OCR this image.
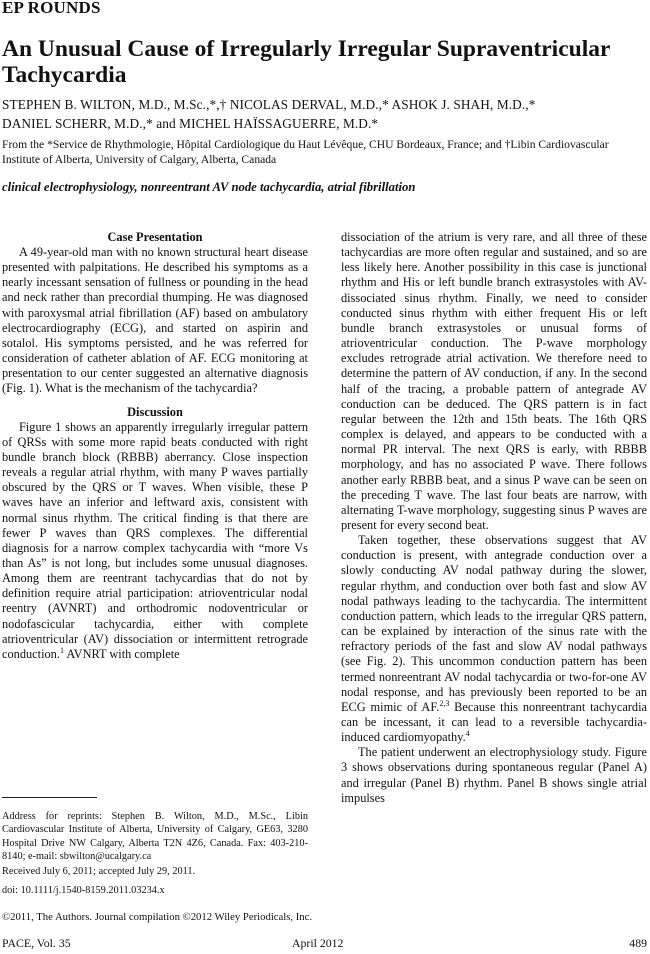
EP ROUNDS
An Unusual Cause of Irregularly Irregular Supraventricular Tachycardia
STEPHEN B. WILTON, M.D., M.Sc.,*,† NICOLAS DERVAL, M.D.,* ASHOK J. SHAH, M.D.,*
DANIEL SCHERR, M.D.,* and MICHEL HAÏSSAGUERRE, M.D.*
From the *Service de Rhythmologie, Hôpital Cardiologique du Haut Lévêque, CHU Bordeaux, France; and †Libin Cardiovascular Institute of Alberta, University of Calgary, Alberta, Canada
clinical electrophysiology, nonreentrant AV node tachycardia, atrial fibrillation
Case Presentation

A 49-year-old man with no known structural heart disease presented with palpitations. He described his symptoms as a nearly incessant sensation of fullness or pounding in the head and neck rather than precordial thumping. He was diagnosed with paroxysmal atrial fibrillation (AF) based on ambulatory electrocardiography (ECG), and started on aspirin and sotalol. His symptoms persisted, and he was referred for consideration of catheter ablation of AF. ECG monitoring at presentation to our center suggested an alternative diagnosis (Fig. 1). What is the mechanism of the tachycardia?

Discussion

Figure 1 shows an apparently irregularly irregular pattern of QRSs with some more rapid beats conducted with right bundle branch block (RBBB) aberrancy. Close inspection reveals a regular atrial rhythm, with many P waves partially obscured by the QRS or T waves. When visible, these P waves have an inferior and leftward axis, consistent with normal sinus rhythm. The critical finding is that there are fewer P waves than QRS complexes. The differential diagnosis for a narrow complex tachycardia with “more Vs than As” is not long, but includes some unusual diagnoses. Among them are reentrant tachycardias that do not by definition require atrial participation: atrioventricular nodal reentry (AVNRT) and orthodromic nodoventricular or nodofascicular tachycardia, either with complete atrioventricular (AV) dissociation or intermittent retrograde conduction.$^1$ AVNRT with complete

dissociation of the atrium is very rare, and all three of these tachycardias are more often regular and sustained, and so are less likely here. Another possibility in this case is junctional rhythm and His or left bundle branch extrasystoles with AV-dissociated sinus rhythm. Finally, we need to consider conducted sinus rhythm with either frequent His or left bundle branch extrasystoles or unusual forms of atrioventricular conduction. The P-wave morphology excludes retrograde atrial activation. We therefore need to determine the pattern of AV conduction, if any. In the second half of the tracing, a probable pattern of antegrade AV conduction can be deduced. The QRS pattern is in fact regular between the 12th and 15th beats. The 16th QRS complex is delayed, and appears to be conducted with a normal PR interval. The next QRS is early, with RBBB morphology, and has no associated P wave. There follows another early RBBB beat, and a sinus P wave can be seen on the preceding T wave. The last four beats are narrow, with alternating T-wave morphology, suggesting sinus P waves are present for every second beat.

Taken together, these observations suggest that AV conduction is present, with antegrade conduction over a slowly conducting AV nodal pathway during the slower, regular rhythm, and conduction over both fast and slow AV nodal pathways leading to the tachycardia. The intermittent conduction pattern, which leads to the irregular QRS pattern, can be explained by interaction of the sinus rate with the refractory periods of the fast and slow AV nodal pathways (see Fig. 2). This uncommon conduction pattern has been termed nonreentrant AV nodal tachycardia or two-for-one AV nodal response, and has previously been reported to be an ECG mimic of AF.$^{2,3}$ Because this nonreentrant tachycardia can be incessant, it can lead to a reversible tachycardia-induced cardiomyopathy.$^4$

The patient underwent an electrophysiology study. Figure 3 shows observations during spontaneous regular (Panel A) and irregular (Panel B) rhythm. Panel B shows single atrial impulses

Address for reprints: Stephen B. Wilton, M.D., M.Sc., Libin Cardiovascular Institute of Alberta, University of Calgary, GE63, 3280 Hospital Drive NW Calgary, Alberta T2N 4Z6, Canada. Fax: 403-210-8140; e-mail: sbwilton@ucalgary.ca
Received July 6, 2011; accepted July 29, 2011.
doi: 10.1111/j.1540-8159.2011.03234.x
©2011, The Authors. Journal compilation ©2012 Wiley Periodicals, Inc.
PACE, Vol. 35	April 2012	489
